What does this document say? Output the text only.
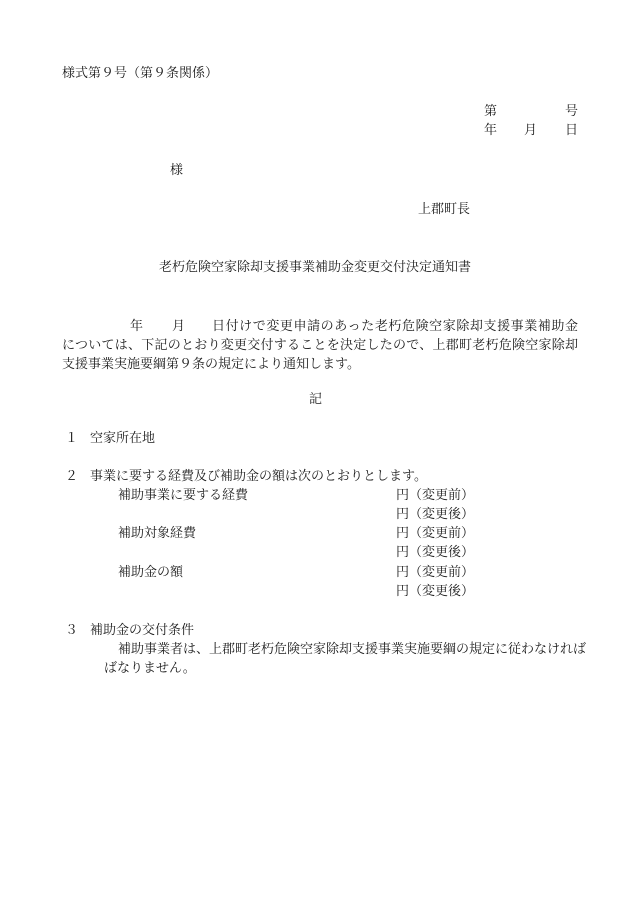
様式第９号（第９条関係）
第	号
年 月 日
様
上郡町長
老朽危険空家除却支援事業補助金変更交付決定通知書
年 月 日付けで変更申請のあった老朽危険空家除却支援事業補助金
については、下記のとおり変更交付することを決定したので、上郡町老朽危険空家除却
支援事業実施要綱第９条の規定により通知します。
記
１ 空家所在地
２ 事業に要する経費及び補助金の額は次のとおりとします。
補助事業に要する経費	円（変更前）
円（変更後）
補助対象経費	円（変更前）
円（変更後）
補助金の額	円（変更前）
円（変更後）
３ 補助金の交付条件
補助事業者は、上郡町老朽危険空家除却支援事業実施要綱の規定に従わなければ
ばなりません。
